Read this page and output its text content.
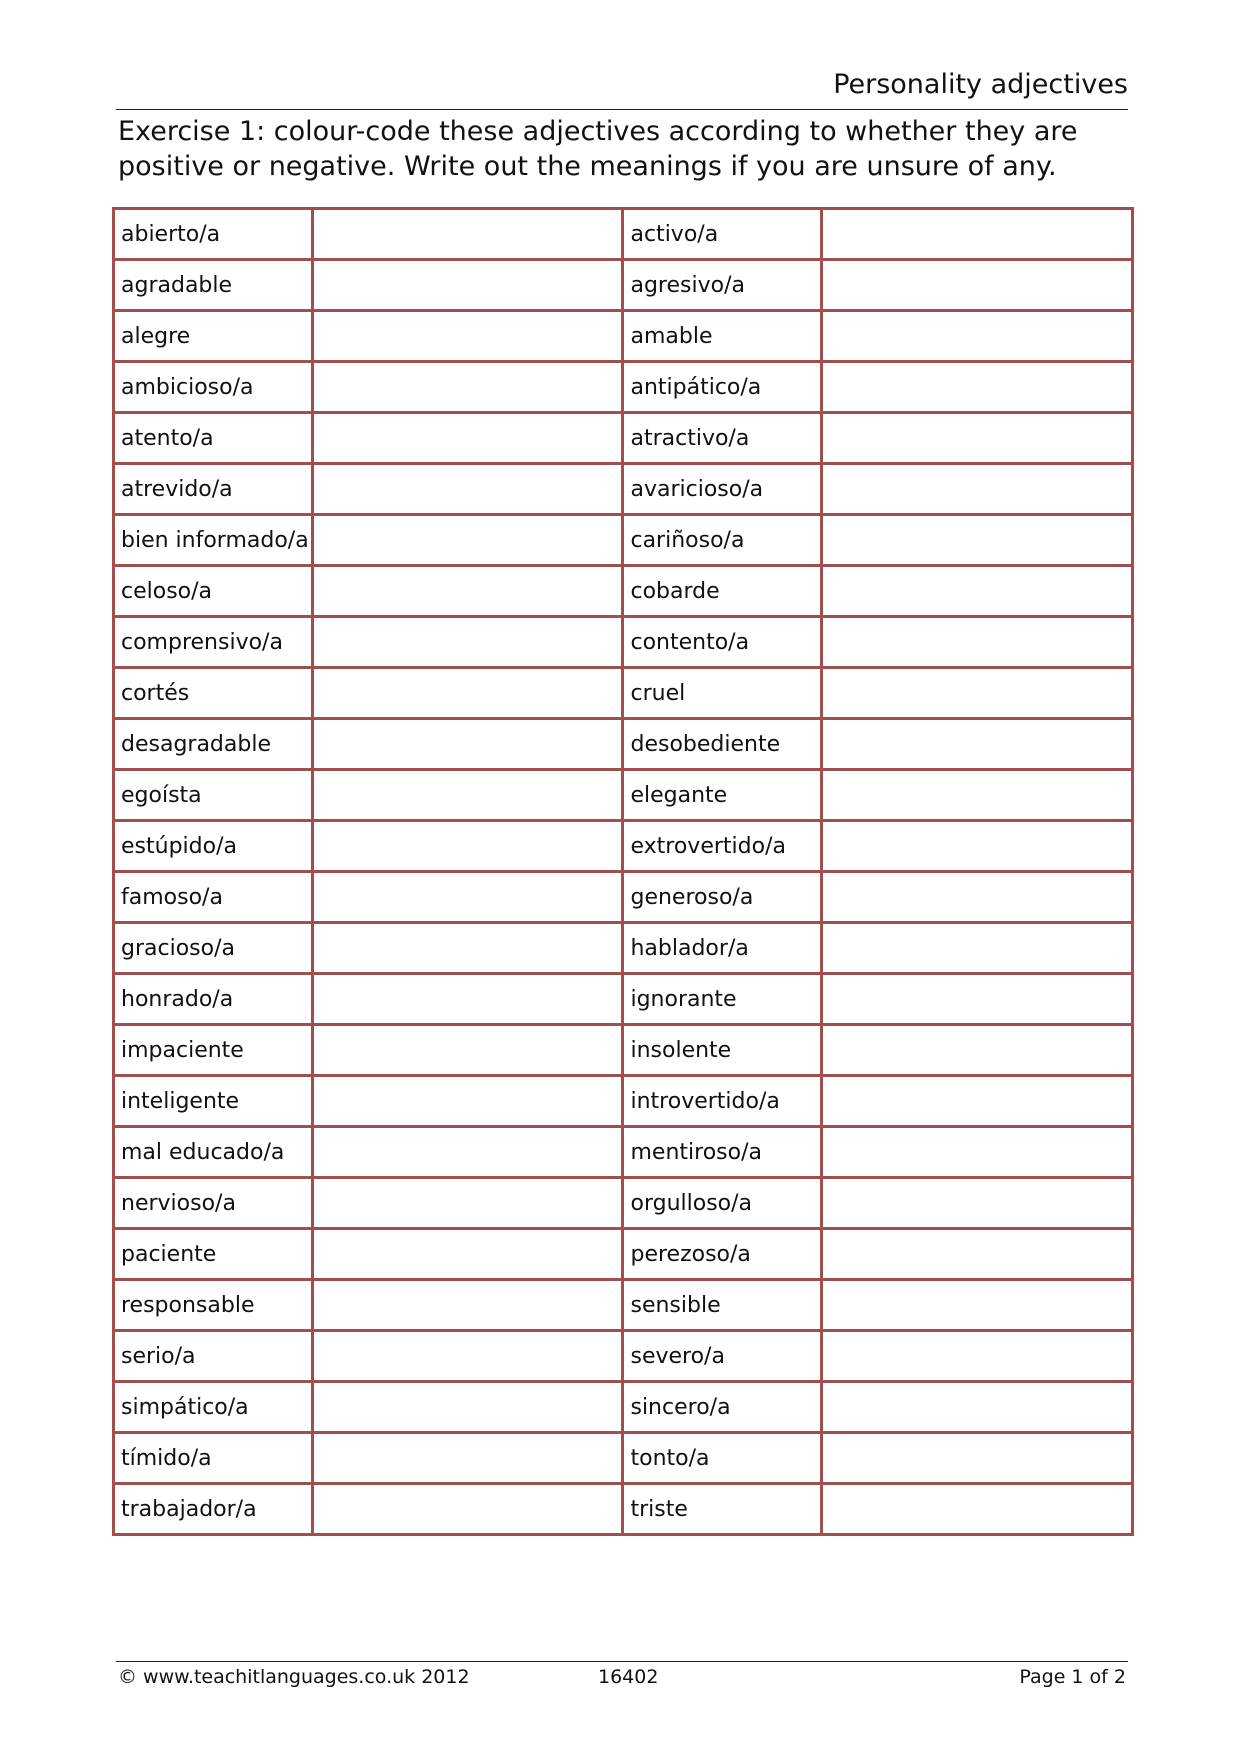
Personality adjectives

Exercise 1: colour-code these adjectives according to whether they are positive or negative. Write out the meanings if you are unsure of any.

abierto/a		activo/a	
agradable		agresivo/a	
alegre		amable	
ambicioso/a		antipático/a	
atento/a		atractivo/a	
atrevido/a		avaricioso/a	
bien informado/a		cariñoso/a	
celoso/a		cobarde	
comprensivo/a		contento/a	
cortés		cruel	
desagradable		desobediente	
egoísta		elegante	
estúpido/a		extrovertido/a	
famoso/a		generoso/a	
gracioso/a		hablador/a	
honrado/a		ignorante	
impaciente		insolente	
inteligente		introvertido/a	
mal educado/a		mentiroso/a	
nervioso/a		orgulloso/a	
paciente		perezoso/a	
responsable		sensible	
serio/a		severo/a	
simpático/a		sincero/a	
tímido/a		tonto/a	
trabajador/a		triste	
© www.teachitlanguages.co.uk 2012	16402	Page 1 of 2
